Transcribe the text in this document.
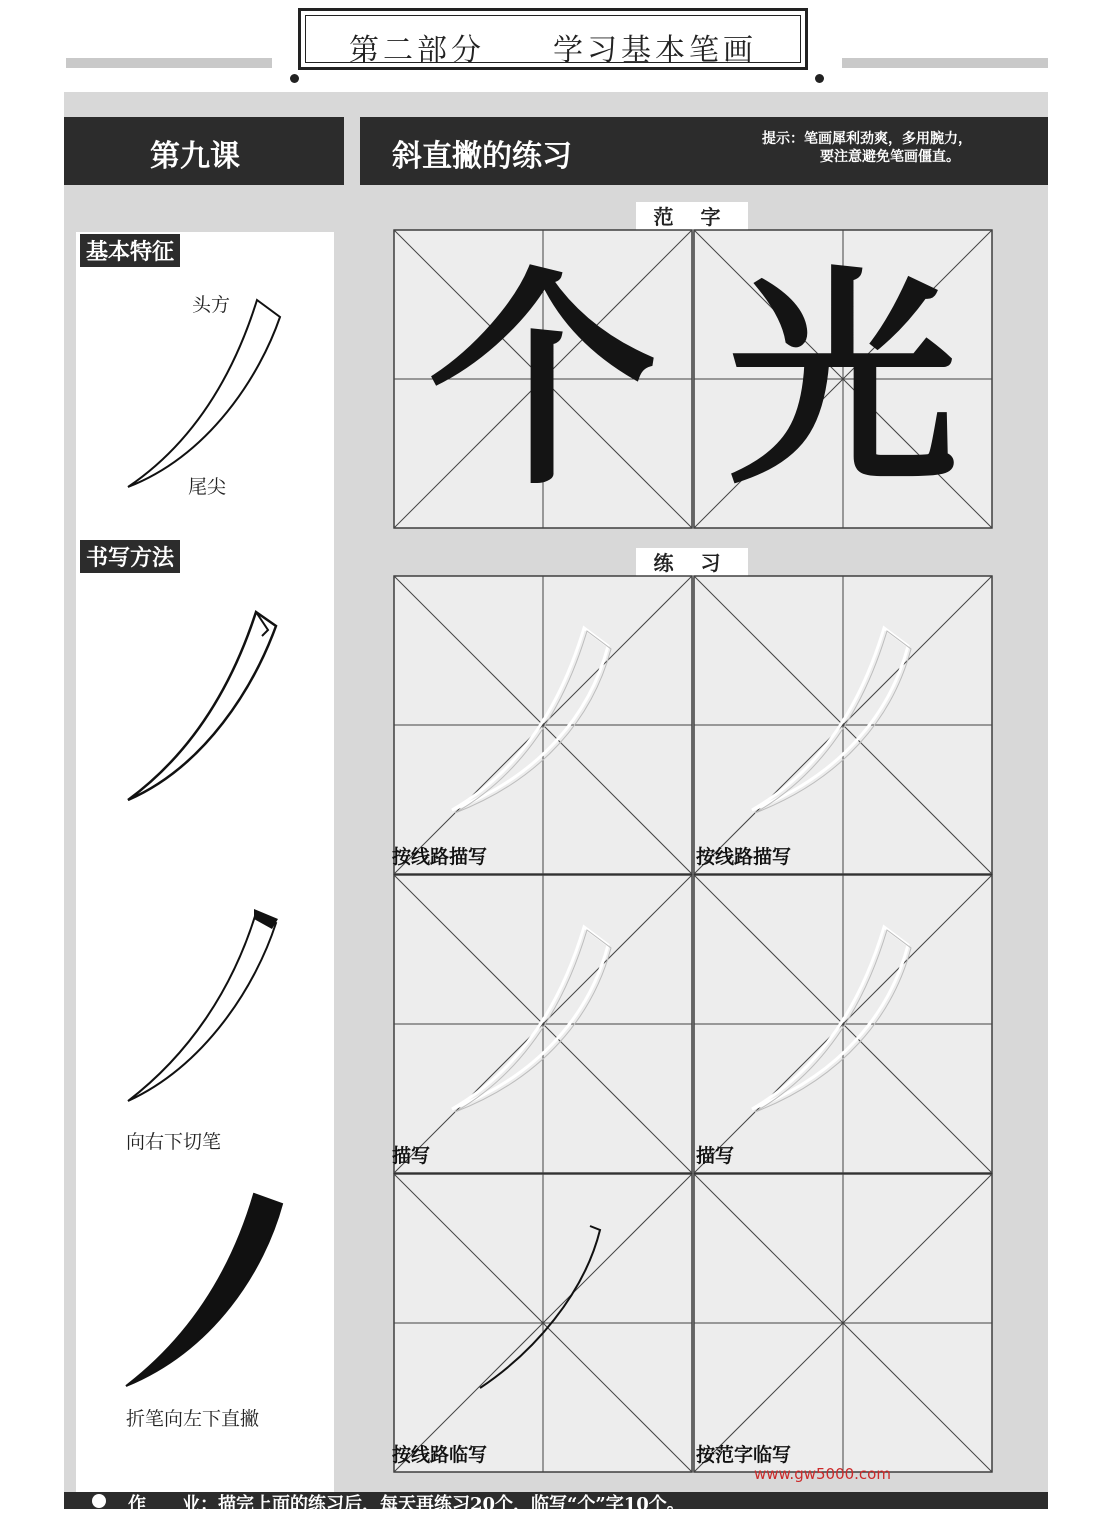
第二部分　　学习基本笔画
第九课	斜直撇的练习	提示：笔画犀利劲爽，多用腕力，
要注意避免笔画僵直。
基本特征
头方
尾尖
书写方法
向右下切笔
折笔向左下直撇
范 字
个 光
练 习
按线路描写	按线路描写
描写	描写
按线路临写	按范字临写
作　　业：描完上面的练习后，每天再练习20个，临写“个”字10个。
www.gw5000.com
